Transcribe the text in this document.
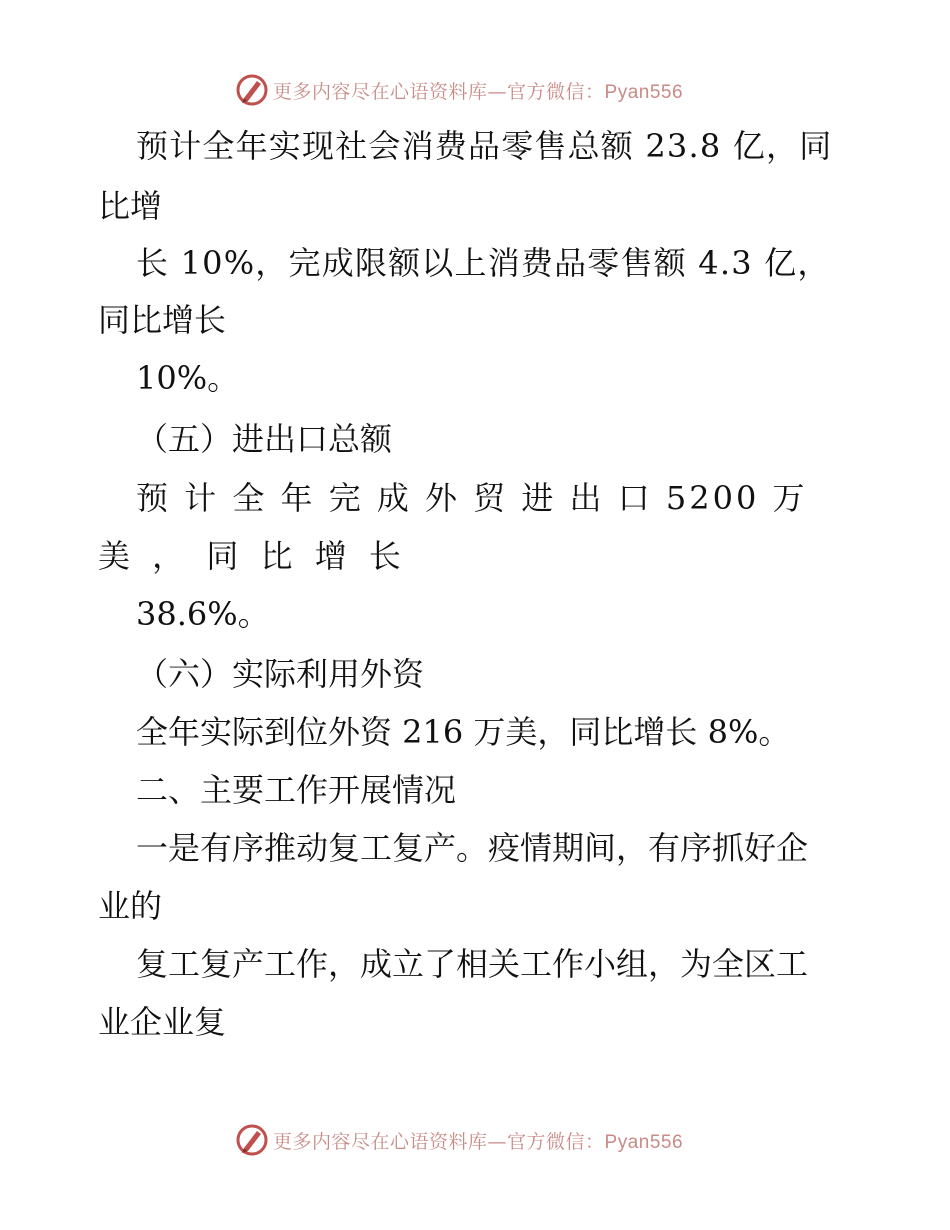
更多内容尽在心语资料库—官方微信：Pyan556
预计全年实现社会消费品零售总额 23.8 亿，同
比增
长 10%，完成限额以上消费品零售额 4.3 亿，
同比增长
10%。
（五）进出口总额
预 计 全 年 完 成 外 贸 进 出 口 5200 万
美 ， 同 比 增 长
38.6%。
（六）实际利用外资
全年实际到位外资 216 万美，同比增长 8%。
二、主要工作开展情况
一是有序推动复工复产。疫情期间，有序抓好企
业的
复工复产工作，成立了相关工作小组，为全区工
业企业复
更多内容尽在心语资料库—官方微信：Pyan556
